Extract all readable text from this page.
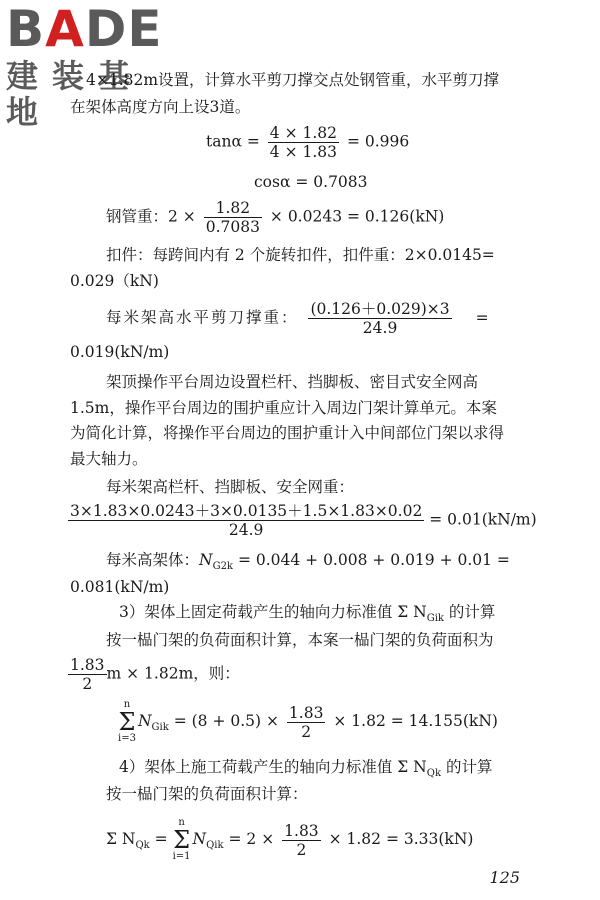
BADE
建装基地
4×1.82m设置，计算水平剪刀撑交点处钢管重，水平剪刀撑
在架体高度方向上设3道。
$\tan\alpha = \frac{4 \times 1.82}{4 \times 1.83} = 0.996$
cosα = 0.7083
钢管重：$2 \times \frac{1.82}{0.7083} \times 0.0243 = 0.126(kN)$
扣件：每跨间内有 2 个旋转扣件，扣件重：2×0.0145=
0.029（kN)
每米架高水平剪刀撑重： $\frac{(0.126+0.029)\times 3}{24.9}$ =
0.019(kN/m)
架顶操作平台周边设置栏杆、挡脚板、密目式安全网高
1.5m，操作平台周边的围护重应计入周边门架计算单元。本案
为简化计算，将操作平台周边的围护重计入中间部位门架以求得
最大轴力。
每米架高栏杆、挡脚板、安全网重：
$\frac{3\times 1.83\times 0.0243+3\times 0.0135+1.5\times 1.83\times 0.02}{24.9} = 0.01(kN/m)$
每米高架体：$N_{G2k} = 0.044 + 0.008 + 0.019 + 0.01$ =
0.081(kN/m)
3）架体上固定荷载产生的轴向力标准值 Σ $N_{Gik}$ 的计算
按一榀门架的负荷面积计算，本案一榀门架的负荷面积为
$\frac{1.83}{2}$ m × 1.82m，则：
n
Σ
$i=3N_{Gik} = (8 + 0.5) \times \frac{1.83}{2} \times 1.82 = 14.155(kN)$
4）架体上施工荷载产生的轴向力标准值 Σ $N_{Qk}$ 的计算
按一榀门架的负荷面积计算：
Σ $N_{Qk} = n$
Σ
$i=1N_{Qik} = 2 \times \frac{1.83}{2} \times 1.82 = 3.33(kN)$
125
